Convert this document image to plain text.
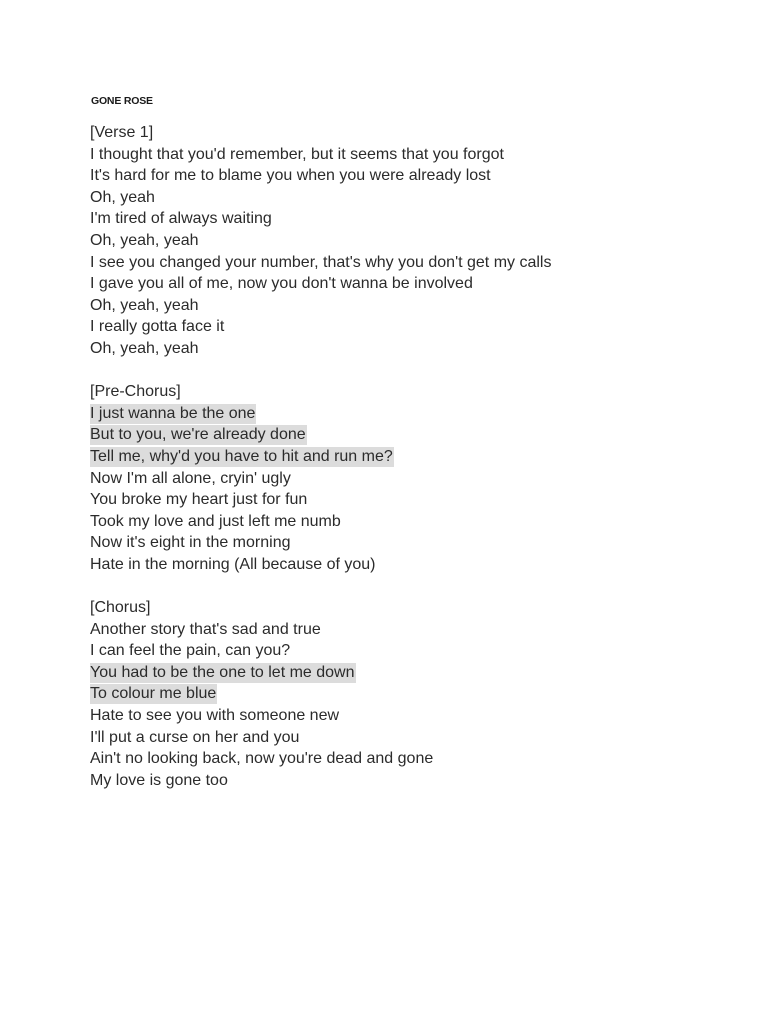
GONE ROSE
[Verse 1]
I thought that you'd remember, but it seems that you forgot
It's hard for me to blame you when you were already lost
Oh, yeah
I'm tired of always waiting
Oh, yeah, yeah
I see you changed your number, that's why you don't get my calls
I gave you all of me, now you don't wanna be involved
Oh, yeah, yeah
I really gotta face it
Oh, yeah, yeah
[Pre-Chorus]
I just wanna be the one
But to you, we're already done
Tell me, why'd you have to hit and run me?
Now I'm all alone, cryin' ugly
You broke my heart just for fun
Took my love and just left me numb
Now it's eight in the morning
Hate in the morning (All because of you)
[Chorus]
Another story that's sad and true
I can feel the pain, can you?
You had to be the one to let me down
To colour me blue
Hate to see you with someone new
I'll put a curse on her and you
Ain't no looking back, now you're dead and gone
My love is gone too
